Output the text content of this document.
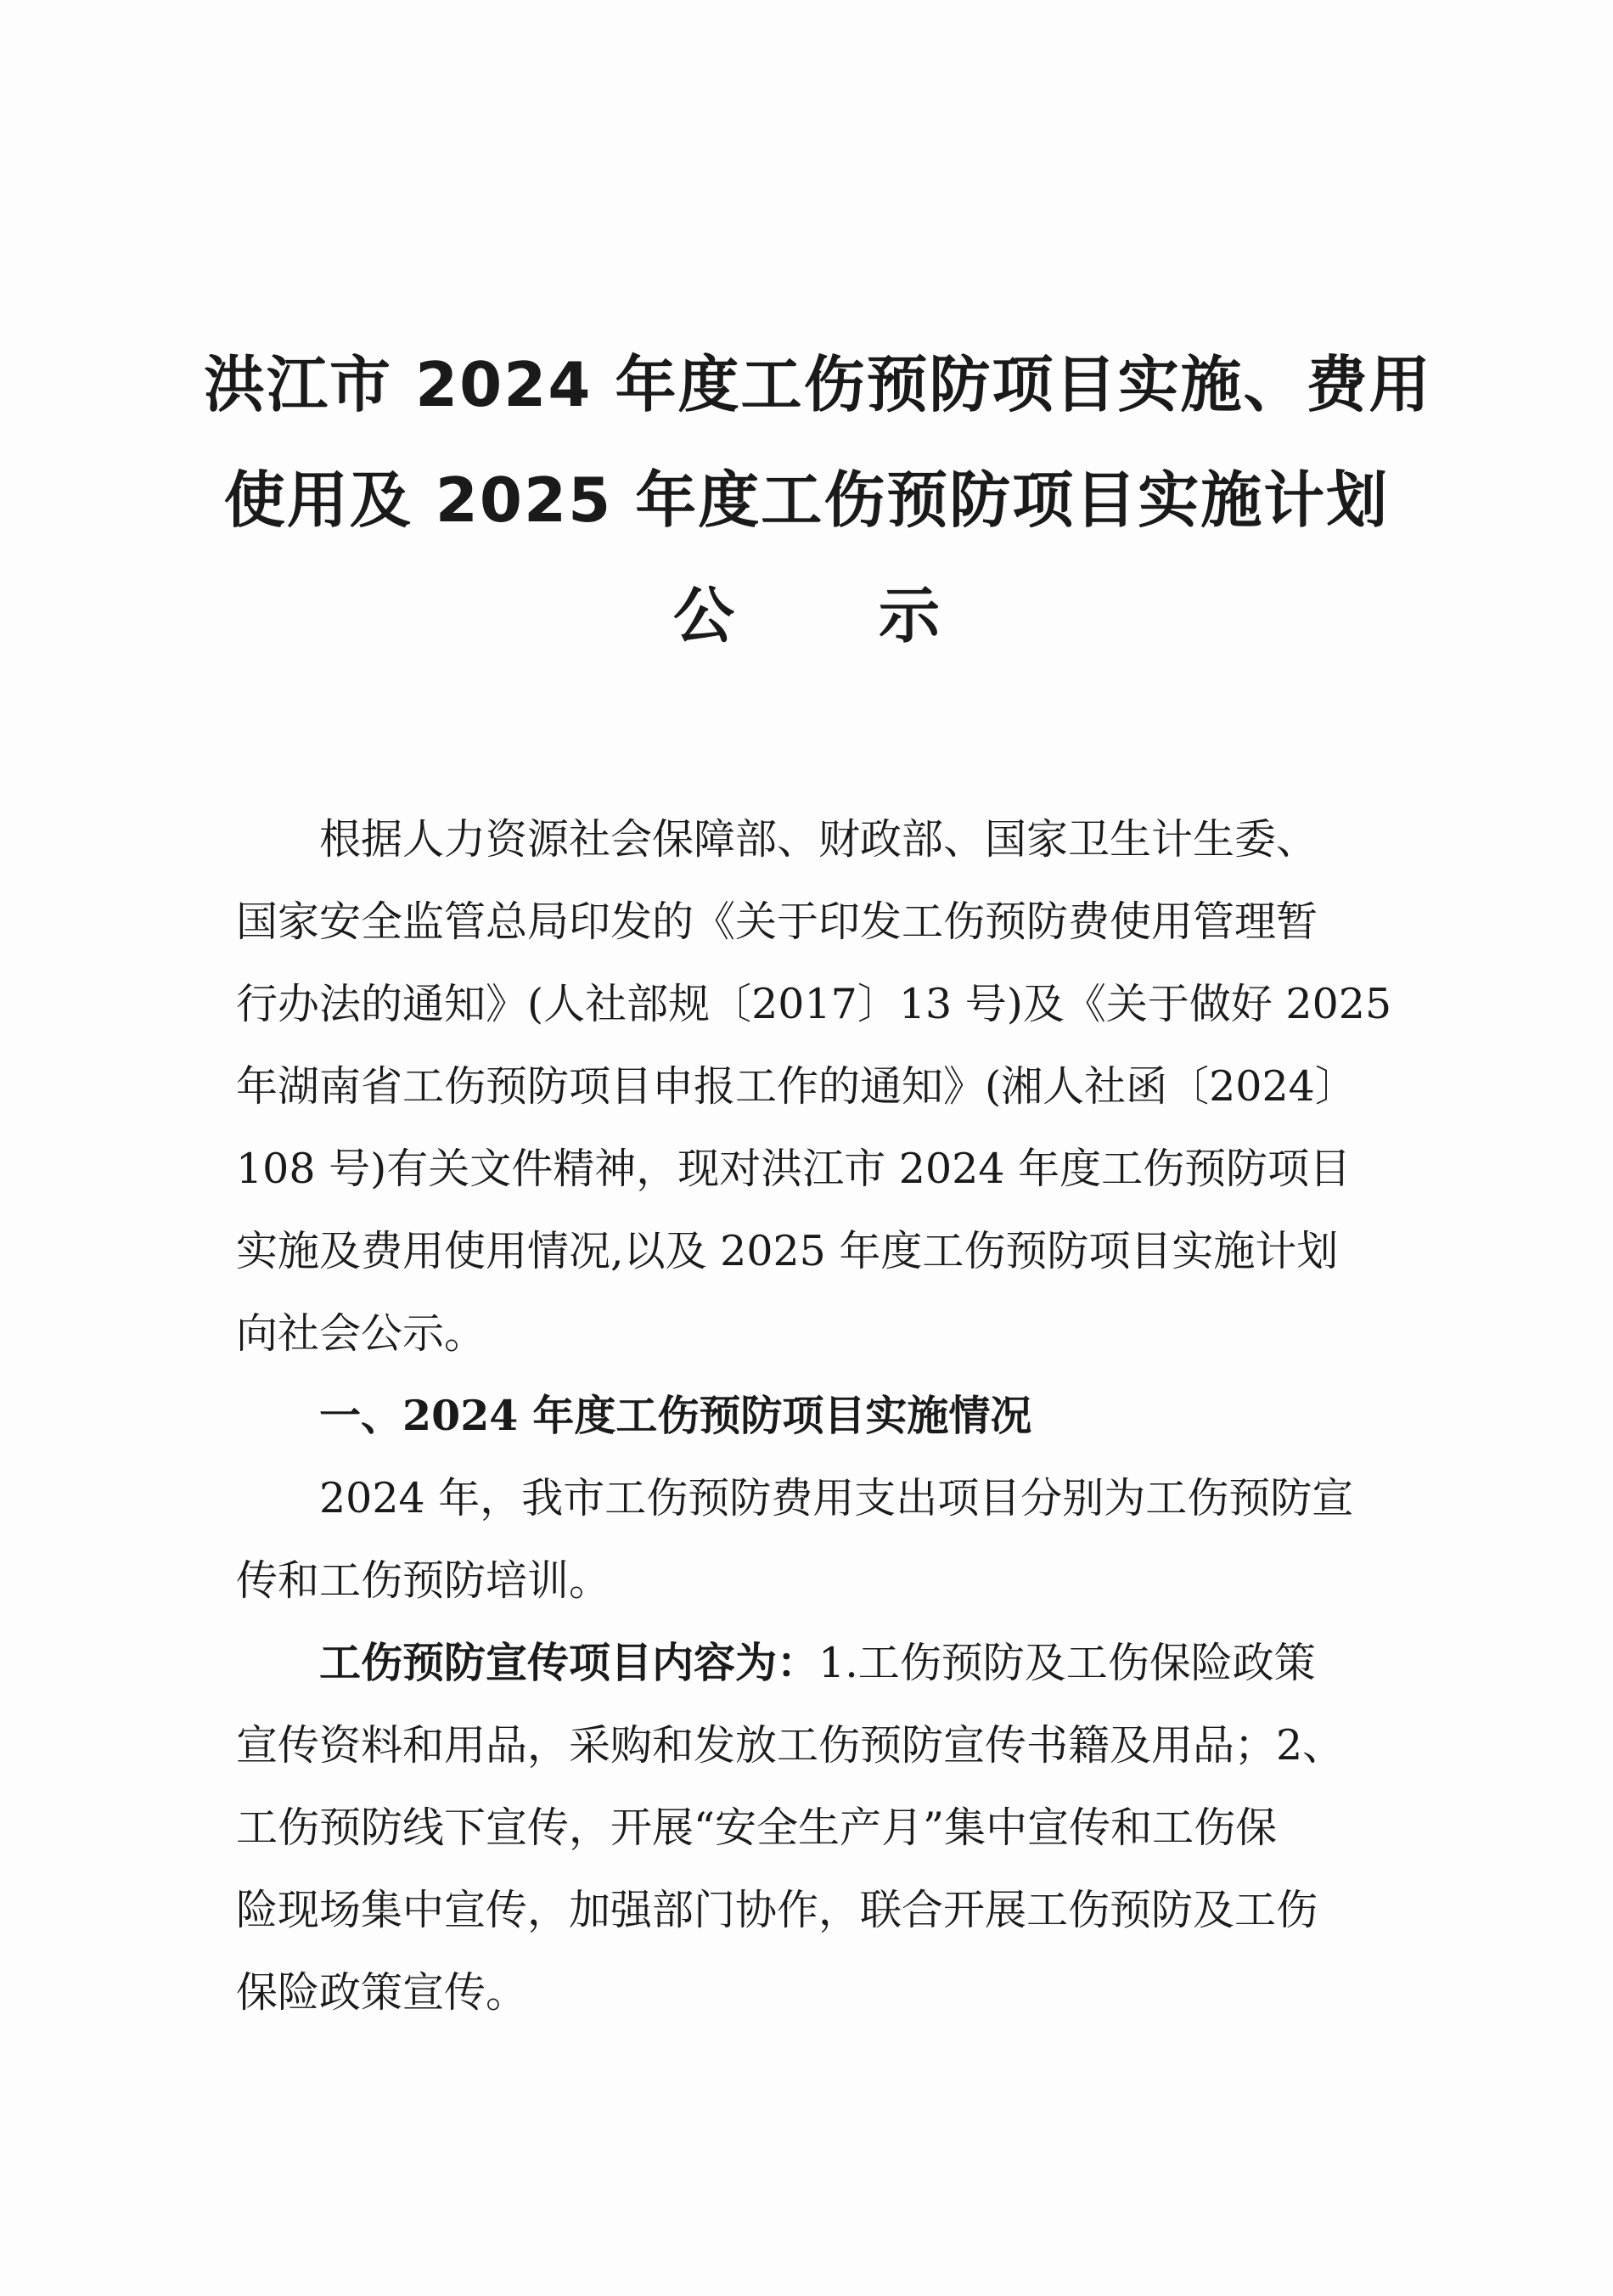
洪江市 2024 年度工伤预防项目实施、费用
使用及 2025 年度工伤预防项目实施计划
公示
根据人力资源社会保障部、财政部、国家卫生计生委、
国家安全监管总局印发的《关于印发工伤预防费使用管理暂
行办法的通知》(人社部规〔2017〕13 号)及《关于做好 2025
年湖南省工伤预防项目申报工作的通知》(湘人社函〔2024〕
108 号)有关文件精神，现对洪江市 2024 年度工伤预防项目
实施及费用使用情况,以及 2025 年度工伤预防项目实施计划
向社会公示。
一、2024 年度工伤预防项目实施情况
2024 年，我市工伤预防费用支出项目分别为工伤预防宣
传和工伤预防培训。
工伤预防宣传项目内容为：1.工伤预防及工伤保险政策
宣传资料和用品，采购和发放工伤预防宣传书籍及用品；2、
工伤预防线下宣传，开展“安全生产月”集中宣传和工伤保
险现场集中宣传，加强部门协作，联合开展工伤预防及工伤
保险政策宣传。
